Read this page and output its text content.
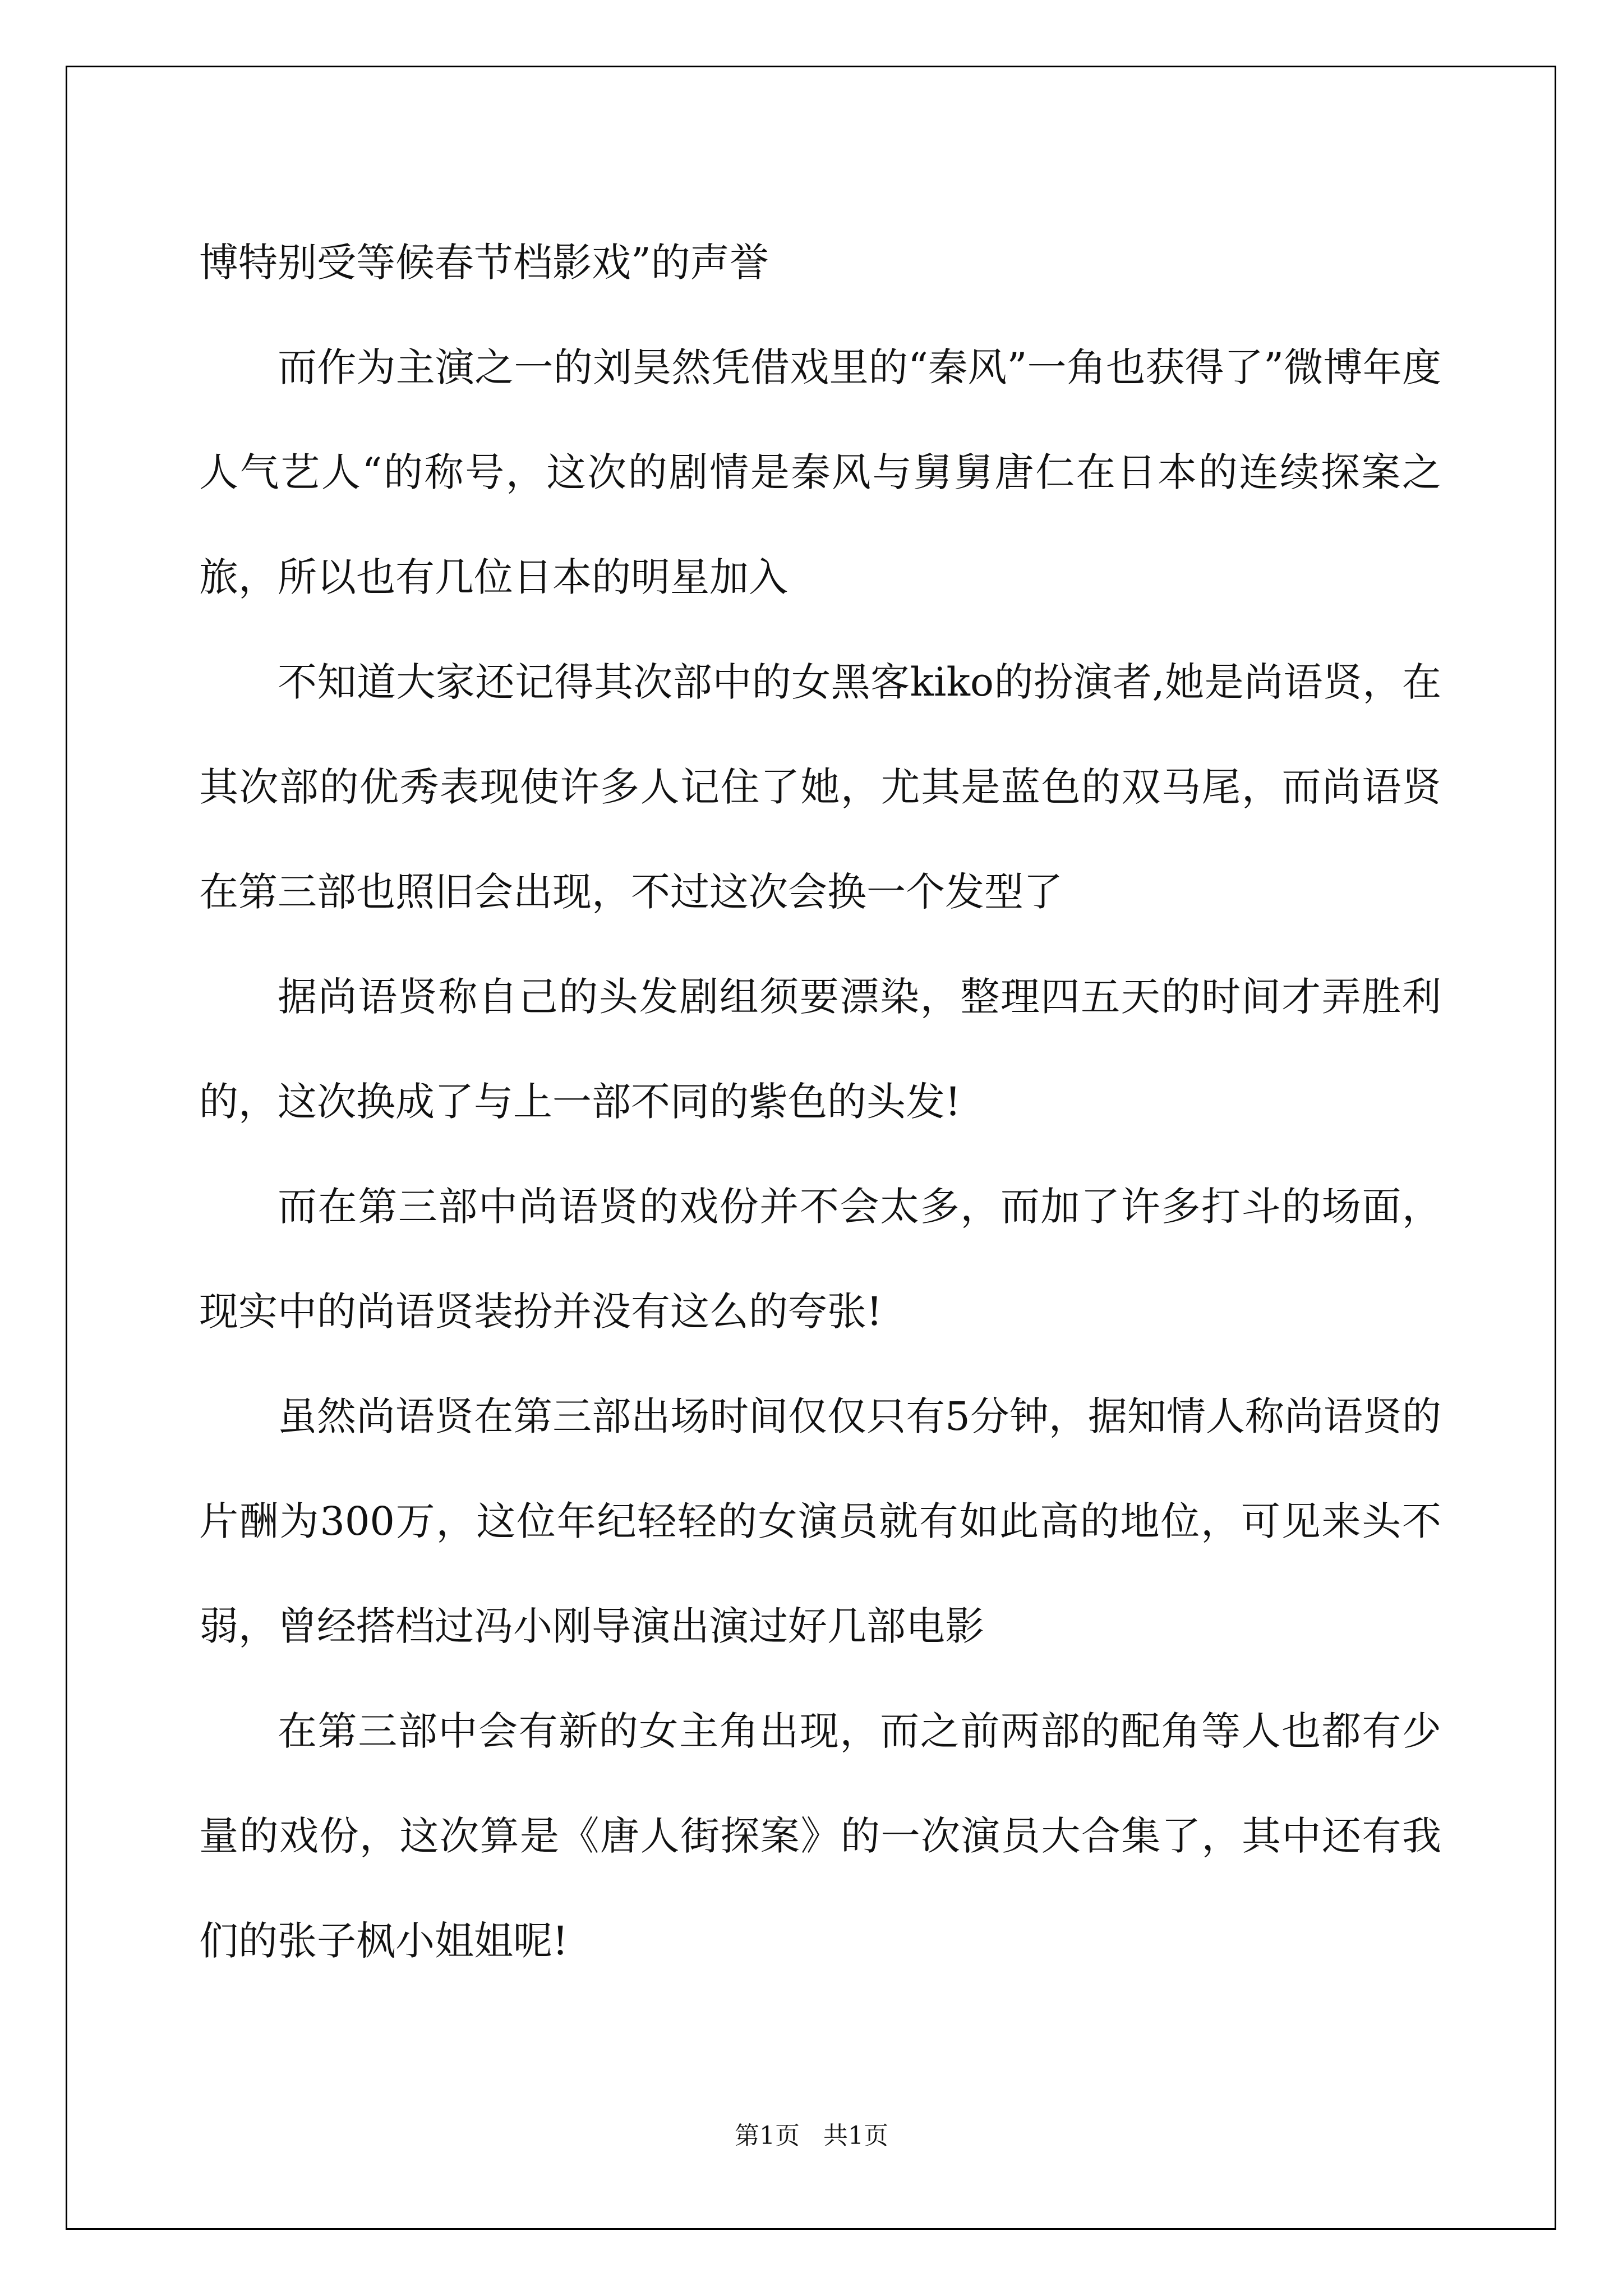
博特别受等候春节档影戏”的声誉

而作为主演之一的刘昊然凭借戏里的“秦风”一角也获得了”微博年度人气艺人“的称号，这次的剧情是秦风与舅舅唐仁在日本的连续探案之旅，所以也有几位日本的明星加入

不知道大家还记得其次部中的女黑客kiko的扮演者,她是尚语贤，在其次部的优秀表现使许多人记住了她，尤其是蓝色的双马尾，而尚语贤在第三部也照旧会出现，不过这次会换一个发型了

据尚语贤称自己的头发剧组须要漂染，整理四五天的时间才弄胜利的，这次换成了与上一部不同的紫色的头发!

而在第三部中尚语贤的戏份并不会太多，而加了许多打斗的场面，现实中的尚语贤装扮并没有这么的夸张!

虽然尚语贤在第三部出场时间仅仅只有5分钟，据知情人称尚语贤的片酬为300万，这位年纪轻轻的女演员就有如此高的地位，可见来头不弱，曾经搭档过冯小刚导演出演过好几部电影

在第三部中会有新的女主角出现，而之前两部的配角等人也都有少量的戏份，这次算是《唐人街探案》的一次演员大合集了，其中还有我们的张子枫小姐姐呢!

第1页 共1页
